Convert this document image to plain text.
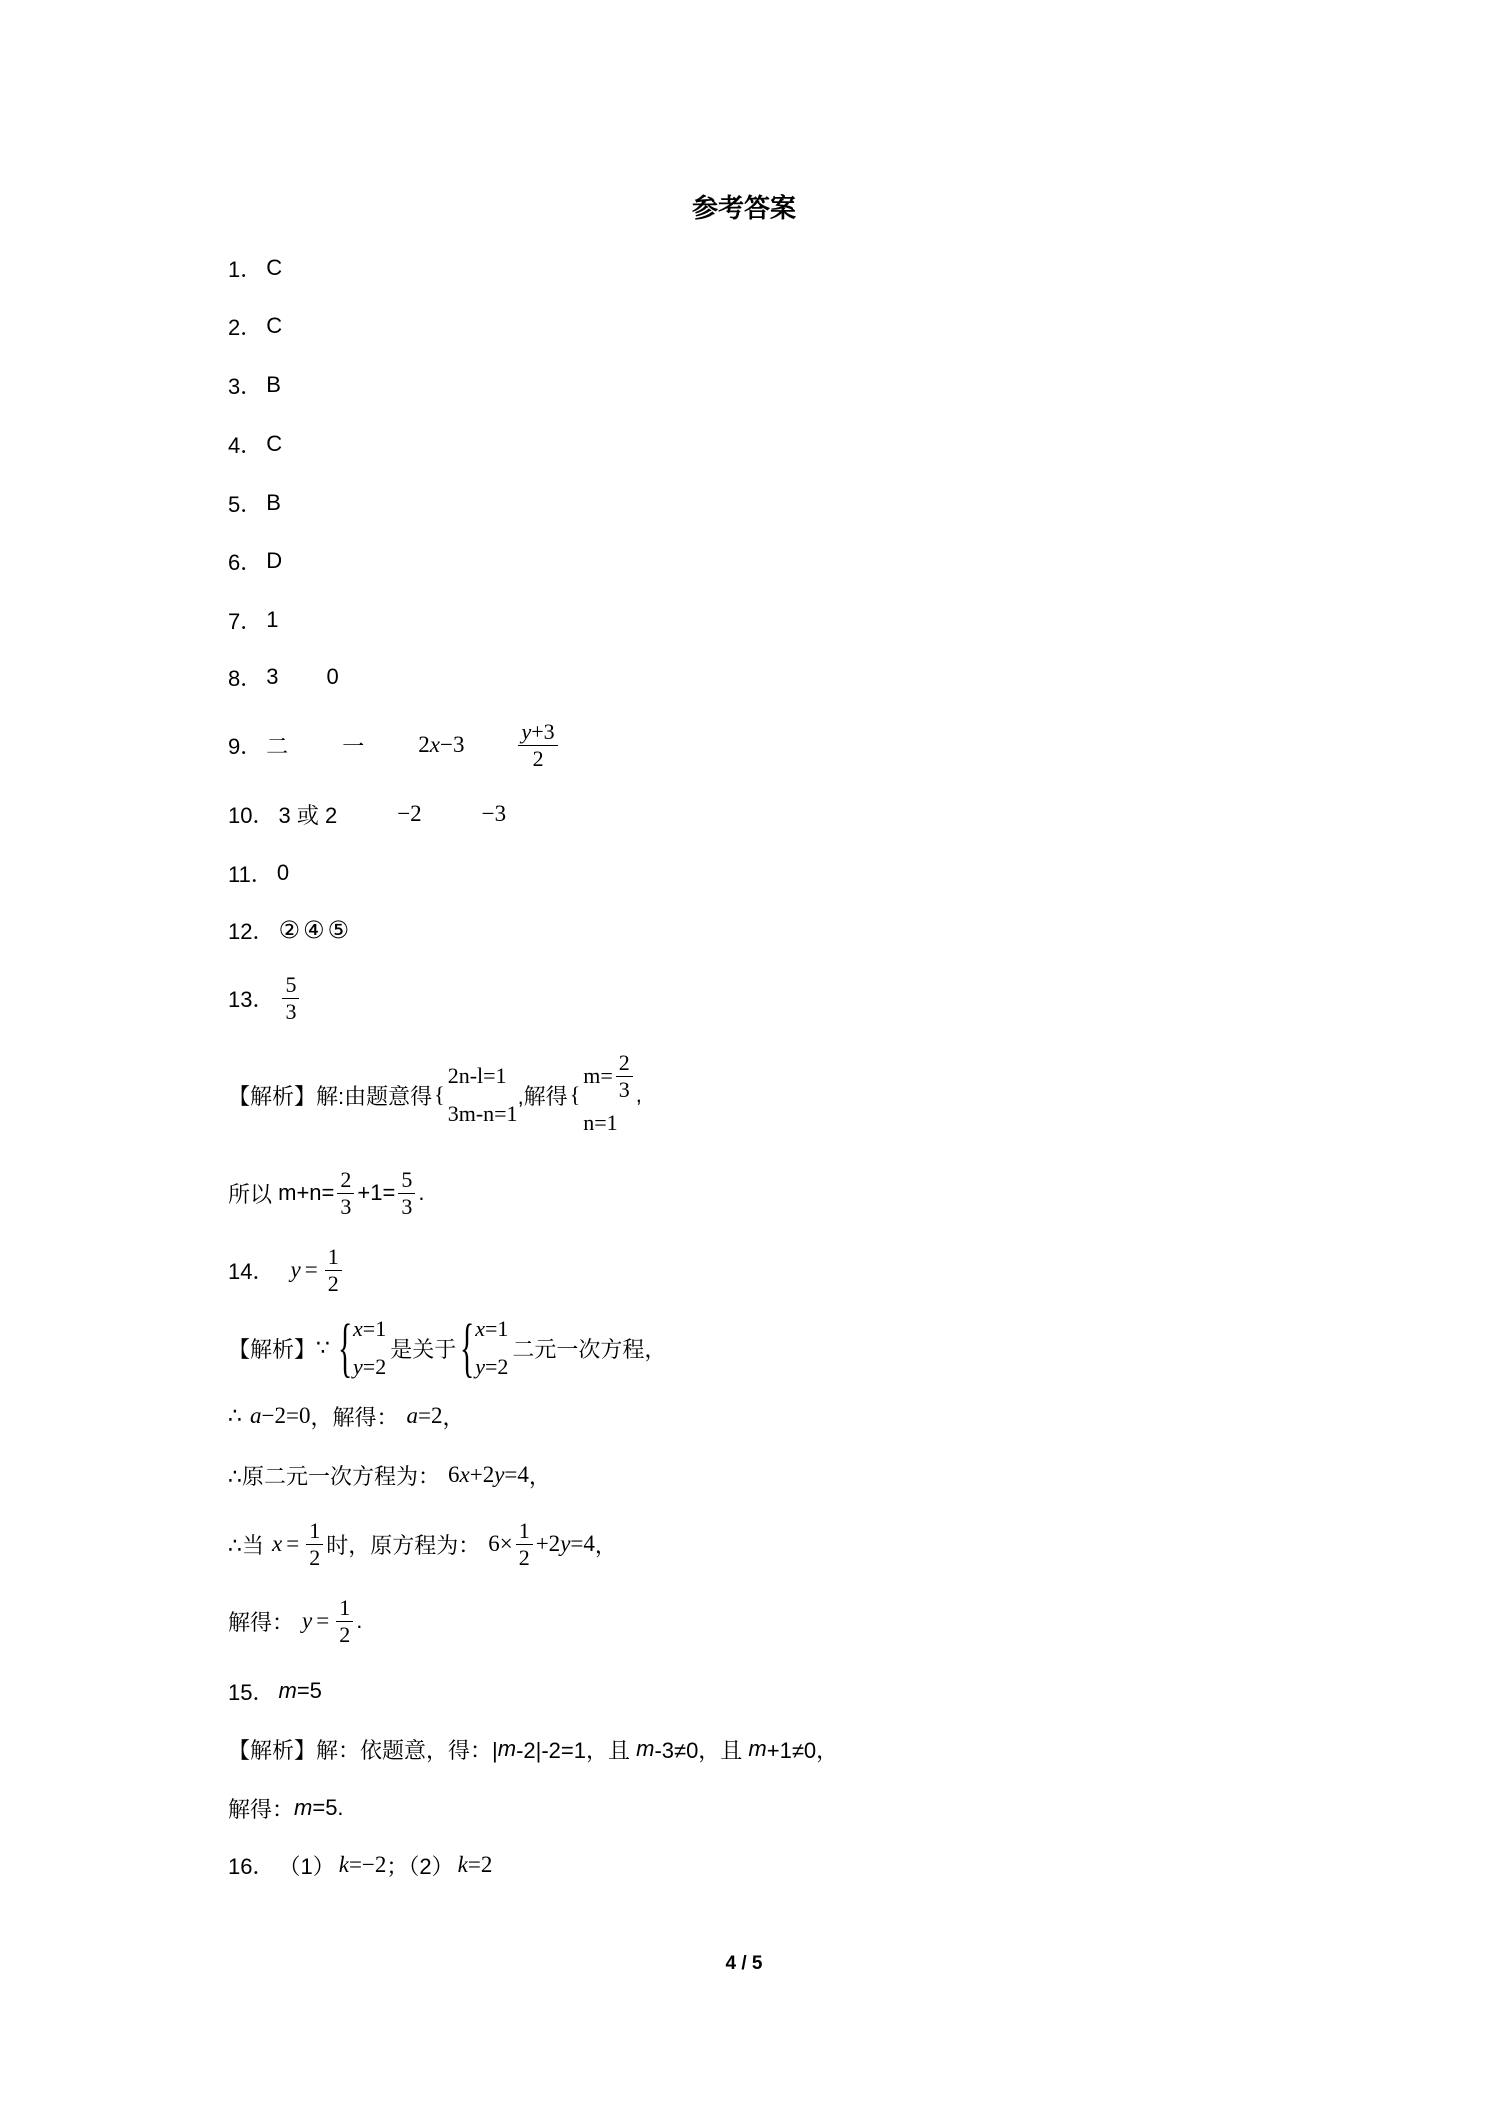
参考答案
1． C
2． C
3． B
4． C
5． B
6． D
7． 1
8． 3 0
9． 二 一 $2x-3 \frac{y+3}{2}$
10． 3 或 2	−2	−3
11． 0
12． ②④⑤
13． $\frac{5}{3}$
【解析】 解:由题意得 {
2n-l=1
3m-n=1
,解得 {
$m= \frac{2}{3}$
n=1
,
所以 $m+n= \frac{2}{3} +1= \frac{5}{3}$ .
14． $y = \frac{1}{2}$
【解析】 ∵ { x =1
y =2
是关于 { x =1
y =2
二元一次方程，
∴ a−2=0 ，解得： a=2 ，
∴原二元一次方程为： 6x+2y=4 ，
∴当 $x = \frac{1}{2}$ 时，原方程为： $6\times \frac{1}{2} +2y=4$ ，
解得： $y = \frac{1}{2}$ .
15． m =5
【解析】 解：依题意，得：| m -2|-2=1，且 m -3≠0，且 m +1≠0，
解得： m =5.
16． （1） k=−2 ；（2） k=2
4 / 5
